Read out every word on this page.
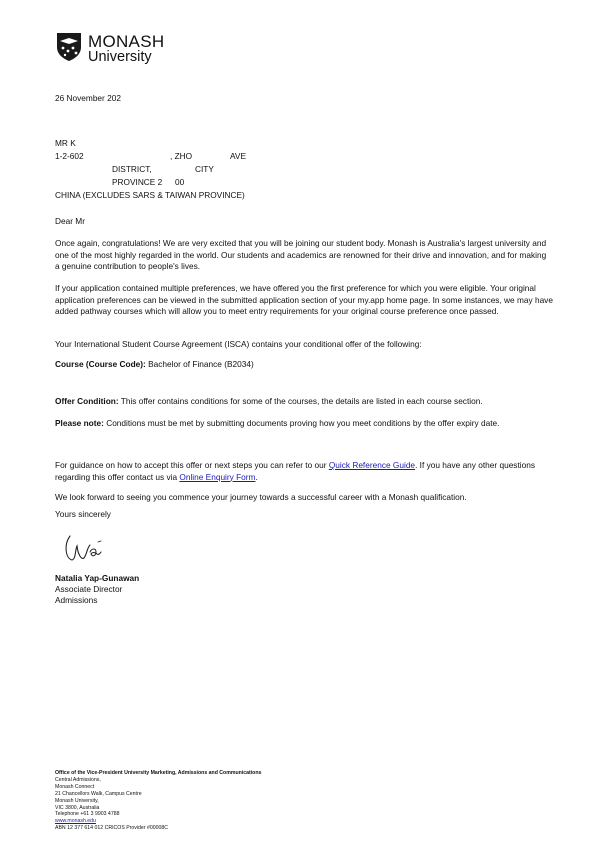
MONASH
University
26 November 202
MR K
1-2-602	, ZHO	AVE
DISTRICT,	CITY
PROVINCE 2 00
CHINA (EXCLUDES SARS & TAIWAN PROVINCE)
Dear Mr
Once again, congratulations! We are very excited that you will be joining our student body. Monash is Australia's largest university and one of the most highly regarded in the world. Our students and academics are renowned for their drive and innovation, and for making a genuine contribution to people's lives.
If your application contained multiple preferences, we have offered you the first preference for which you were eligible. Your original application preferences can be viewed in the submitted application section of your my.app home page. In some instances, we may have added pathway courses which will allow you to meet entry requirements for your original course preference once passed.
Your International Student Course Agreement (ISCA) contains your conditional offer of the following:
Course (Course Code): Bachelor of Finance (B2034)
Offer Condition: This offer contains conditions for some of the courses, the details are listed in each course section.
Please note: Conditions must be met by submitting documents proving how you meet conditions by the offer expiry date.
For guidance on how to accept this offer or next steps you can refer to our Quick Reference Guide. If you have any other questions regarding this offer contact us via Online Enquiry Form.
We look forward to seeing you commence your journey towards a successful career with a Monash qualification.
Yours sincerely
Natalia Yap-Gunawan
Associate Director
Admissions
Office of the Vice-President University Marketing, Admissions and Communications
Central Admissions,
Monash Connect
21 Chancellors Walk, Campus Centre
Monash University,
VIC 3800, Australia
Telephone +61 3 9903 4788
www.monash.edu
ABN 12 377 614 012 CRICOS Provider #00008C
